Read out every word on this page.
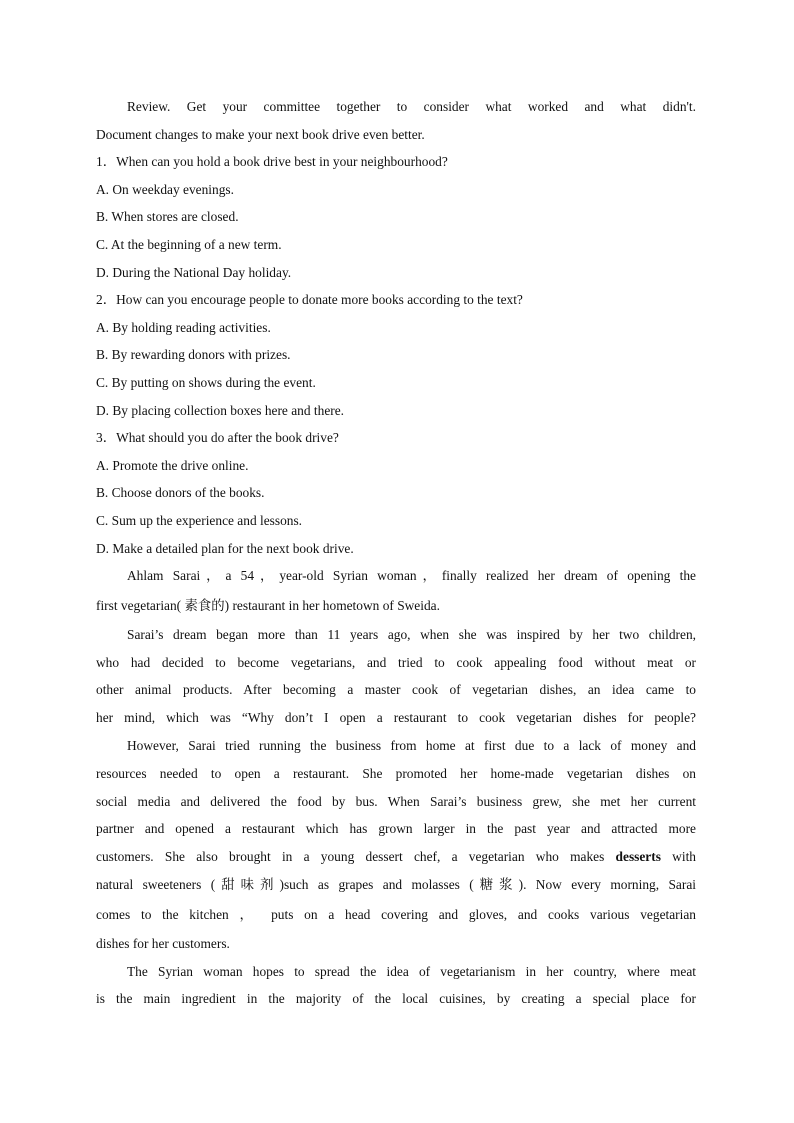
Review. Get your committee together to consider what worked and what didn't.
Document changes to make your next book drive even better.
1．When can you hold a book drive best in your neighbourhood?
A. On weekday evenings.
B. When stores are closed.
C. At the beginning of a new term.
D. During the National Day holiday.
2．How can you encourage people to donate more books according to the text?
A. By holding reading activities.
B. By rewarding donors with prizes.
C. By putting on shows during the event.
D. By placing collection boxes here and there.
3．What should you do after the book drive?
A. Promote the drive online.
B. Choose donors of the books.
C. Sum up the experience and lessons.
D. Make a detailed plan for the next book drive.
Ahlam Sarai，a 54，year-old Syrian woman，finally realized her dream of opening the
first vegetarian( 素食的) restaurant in her hometown of Sweida.
Sarai’s dream began more than 11 years ago, when she was inspired by her two children,
who had decided to become vegetarians, and tried to cook appealing food without meat or
other animal products. After becoming a master cook of vegetarian dishes, an idea came to
her mind, which was “Why don’t I open a restaurant to cook vegetarian dishes for people?
However, Sarai tried running the business from home at first due to a lack of money and
resources needed to open a restaurant. She promoted her home-made vegetarian dishes on
social media and delivered the food by bus. When Sarai’s business grew, she met her current
partner and opened a restaurant which has grown larger in the past year and attracted more
customers. She also brought in a young dessert chef, a vegetarian who makes desserts with
natural sweeteners (甜味剂)such as grapes and molasses (糖浆). Now every morning, Sarai
comes to the kitchen ， puts on a head covering and gloves, and cooks various vegetarian
dishes for her customers.
The Syrian woman hopes to spread the idea of vegetarianism in her country, where meat
is the main ingredient in the majority of the local cuisines, by creating a special place for
